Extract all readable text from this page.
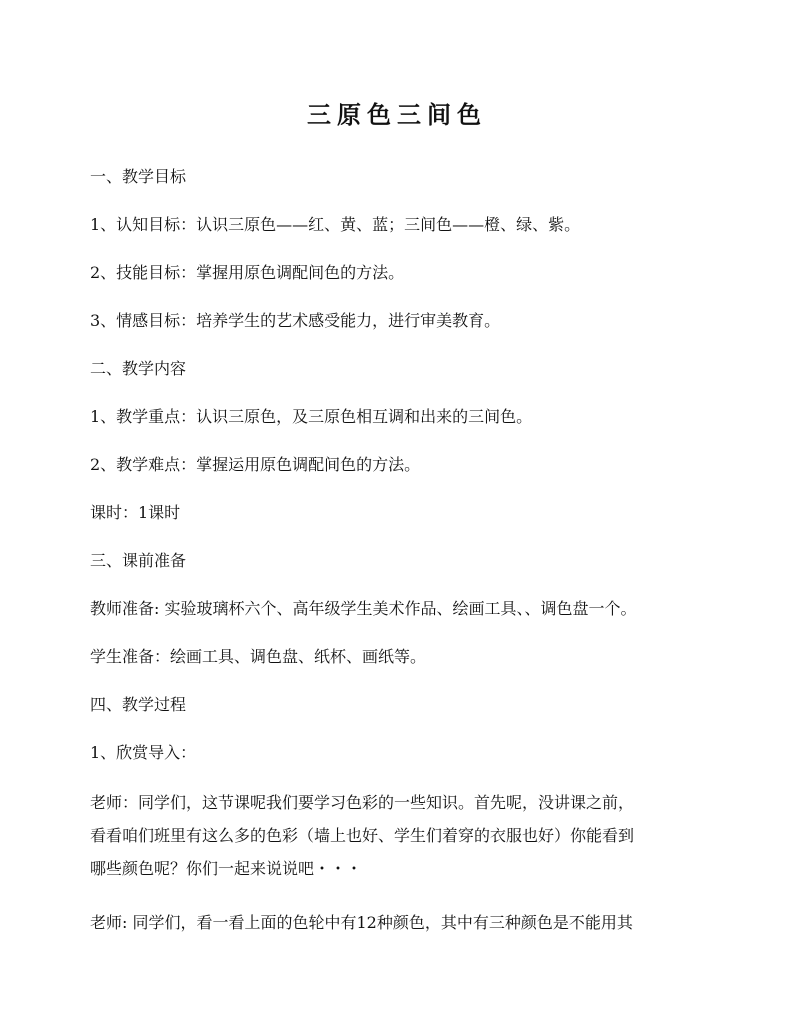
三原色三间色
一、教学目标
1、认知目标：认识三原色——红、黄、蓝；三间色——橙、绿、紫。
2、技能目标：掌握用原色调配间色的方法。
3、情感目标：培养学生的艺术感受能力，进行审美教育。
二、教学内容
1、教学重点：认识三原色，及三原色相互调和出来的三间色。
2、教学难点：掌握运用原色调配间色的方法。
课时：1课时
三、课前准备
教师准备: 实验玻璃杯六个、高年级学生美术作品、绘画工具、、调色盘一个。
学生准备：绘画工具、调色盘、纸杯、画纸等。
四、教学过程
1、欣赏导入：
老师：同学们，这节课呢我们要学习色彩的一些知识。首先呢，没讲课之前，
看看咱们班里有这么多的色彩（墙上也好、学生们着穿的衣服也好）你能看到
哪些颜色呢？你们一起来说说吧・・・
老师: 同学们，看一看上面的色轮中有12种颜色，其中有三种颜色是不能用其
